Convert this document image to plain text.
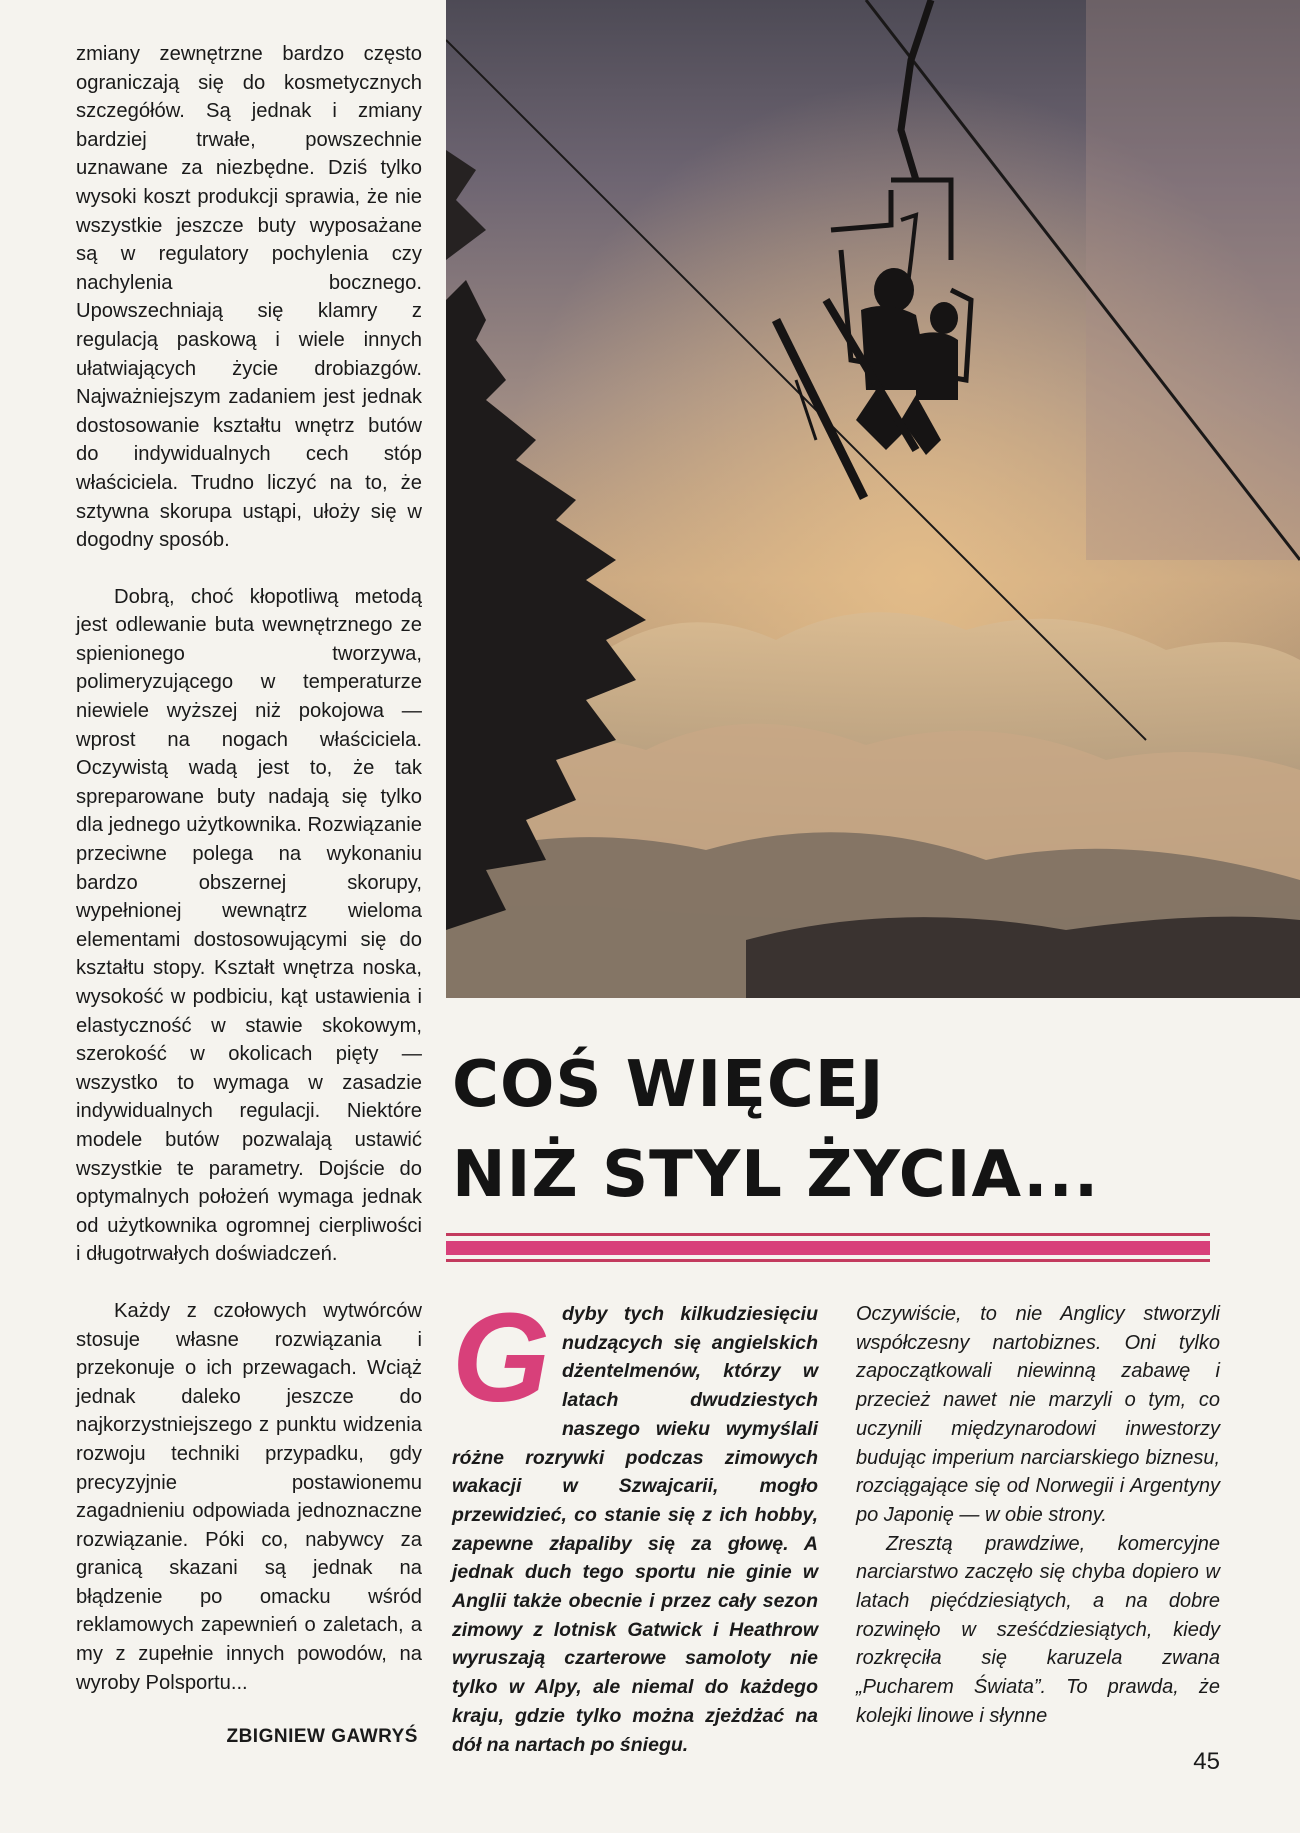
zmiany zewnętrzne bardzo często ograniczają się do kosmetycznych szczegółów. Są jednak i zmiany bardziej trwałe, powszechnie uznawane za niezbędne. Dziś tylko wysoki koszt produkcji sprawia, że nie wszystkie jeszcze buty wyposażane są w regulatory pochylenia czy nachylenia bocznego. Upowszechniają się klamry z regulacją paskową i wiele innych ułatwiających życie drobiazgów. Najważniejszym zadaniem jest jednak dostosowanie kształtu wnętrz butów do indywidualnych cech stóp właściciela. Trudno liczyć na to, że sztywna skorupa ustąpi, ułoży się w dogodny sposób.

Dobrą, choć kłopotliwą metodą jest odlewanie buta wewnętrznego ze spienionego tworzywa, polimeryzującego w temperaturze niewiele wyższej niż pokojowa — wprost na nogach właściciela. Oczywistą wadą jest to, że tak spreparowane buty nadają się tylko dla jednego użytkownika. Rozwiązanie przeciwne polega na wykonaniu bardzo obszernej skorupy, wypełnionej wewnątrz wieloma elementami dostosowującymi się do kształtu stopy. Kształt wnętrza noska, wysokość w podbiciu, kąt ustawienia i elastyczność w stawie skokowym, szerokość w okolicach pięty — wszystko to wymaga w zasadzie indywidualnych regulacji. Niektóre modele butów pozwalają ustawić wszystkie te parametry. Dojście do optymalnych położeń wymaga jednak od użytkownika ogromnej cierpliwości i długotrwałych doświadczeń.

Każdy z czołowych wytwórców stosuje własne rozwiązania i przekonuje o ich przewagach. Wciąż jednak daleko jeszcze do najkorzystniejszego z punktu widzenia rozwoju techniki przypadku, gdy precyzyjnie postawionemu zagadnieniu odpowiada jednoznaczne rozwiązanie. Póki co, nabywcy za granicą skazani są jednak na błądzenie po omacku wśród reklamowych zapewnień o zaletach, a my z zupełnie innych powodów, na wyroby Polsportu...

ZBIGNIEW GAWRYŚ
COŚ WIĘCEJ
NIŻ STYL ŻYCIA...
G dyby tych kilkudziesięciu nudzących się angielskich dżentelmenów, którzy w latach dwudziestych naszego wieku wymyślali różne rozrywki podczas zimowych wakacji w Szwajcarii, mogło przewidzieć, co stanie się z ich hobby, zapewne złapaliby się za głowę. A jednak duch tego sportu nie ginie w Anglii także obecnie i przez cały sezon zimowy z lotnisk Gatwick i Heathrow wyruszają czarterowe samoloty nie tylko w Alpy, ale niemal do każdego kraju, gdzie tylko można zjeżdżać na dół na nartach po śniegu.

Oczywiście, to nie Anglicy stworzyli współczesny nartobiznes. Oni tylko zapoczątkowali niewinną zabawę i przecież nawet nie marzyli o tym, co uczynili międzynarodowi inwestorzy budując imperium narciarskiego biznesu, rozciągające się od Norwegii i Argentyny po Japonię — w obie strony.

Zresztą prawdziwe, komercyjne narciarstwo zaczęło się chyba dopiero w latach pięćdziesiątych, a na dobre rozwinęło w sześćdziesiątych, kiedy rozkręciła się karuzela zwana „Pucharem Świata”. To prawda, że kolejki linowe i słynne

45
